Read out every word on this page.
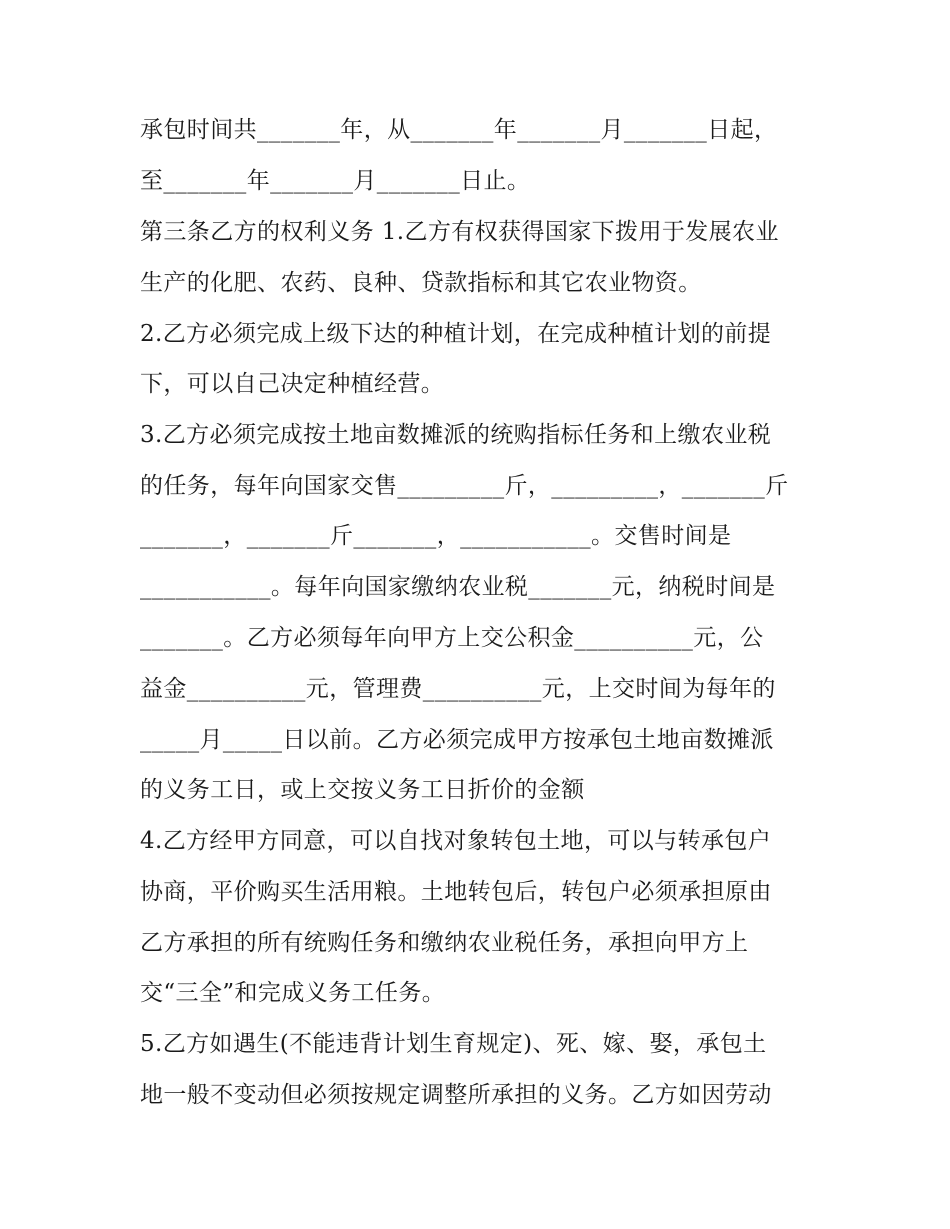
承包时间共_______年，从_______年_______月_______日起，
至_______年_______月_______日止。
第三条乙方的权利义务 1.乙方有权获得国家下拨用于发展农业
生产的化肥、农药、良种、贷款指标和其它农业物资。
2.乙方必须完成上级下达的种植计划，在完成种植计划的前提
下，可以自己决定种植经营。
3.乙方必须完成按土地亩数摊派的统购指标任务和上缴农业税
的任务，每年向国家交售_________斤，_________，_______斤
_______，_______斤_______，___________。交售时间是
___________。每年向国家缴纳农业税_______元，纳税时间是
_______。乙方必须每年向甲方上交公积金__________元，公
益金__________元，管理费__________元，上交时间为每年的
_____月_____日以前。乙方必须完成甲方按承包土地亩数摊派
的义务工日，或上交按义务工日折价的金额
4.乙方经甲方同意，可以自找对象转包土地，可以与转承包户
协商，平价购买生活用粮。土地转包后，转包户必须承担原由
乙方承担的所有统购任务和缴纳农业税任务，承担向甲方上
交“三全”和完成义务工任务。
5.乙方如遇生(不能违背计划生育规定)、死、嫁、娶，承包土
地一般不变动但必须按规定调整所承担的义务。乙方如因劳动
